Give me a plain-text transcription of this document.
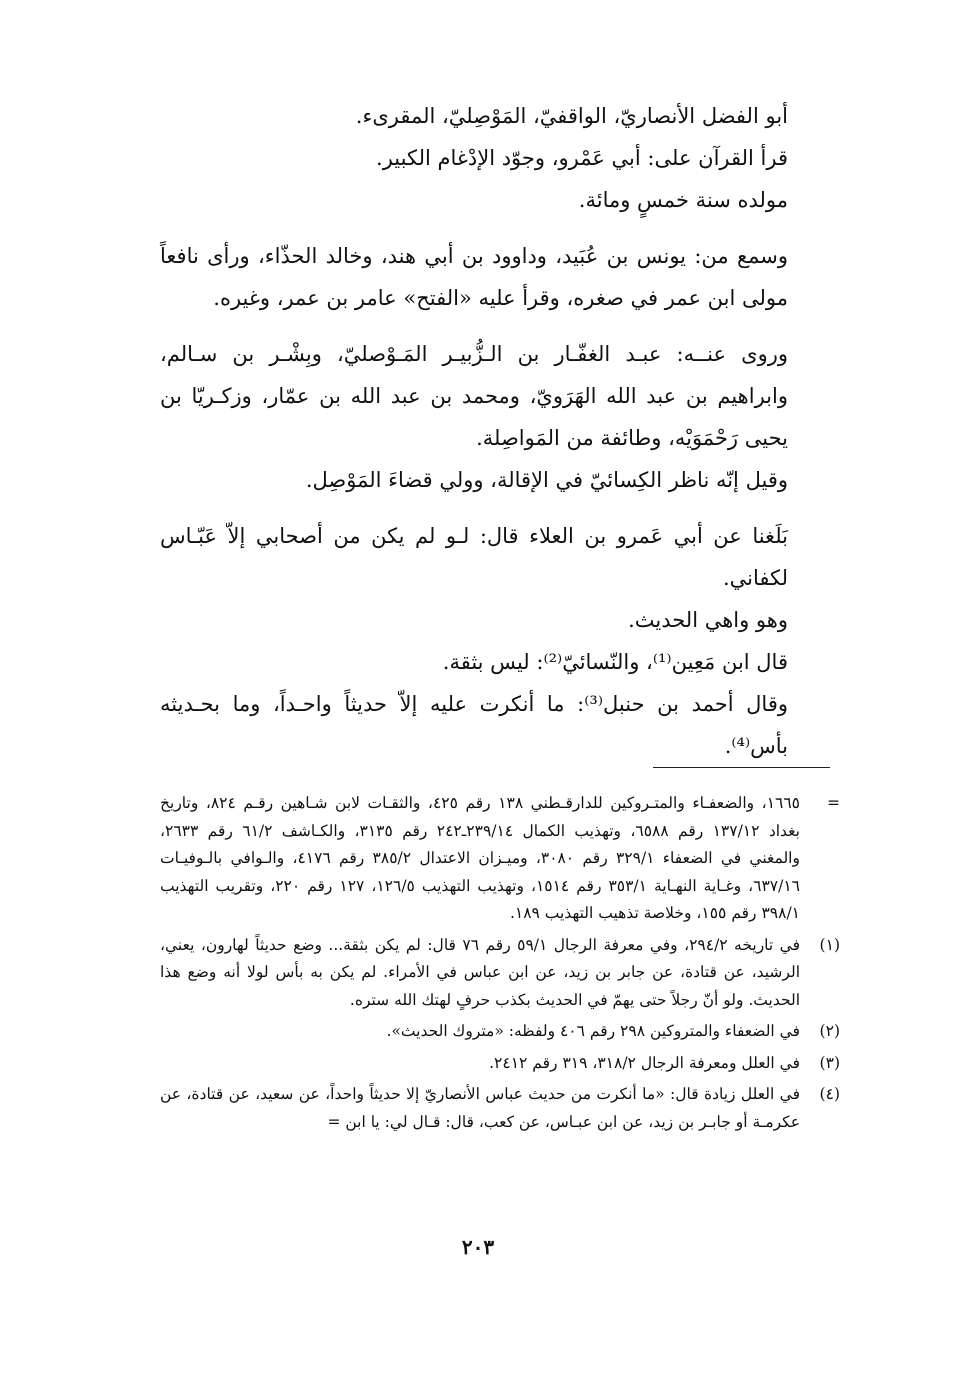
أبو الفضل الأنصاريّ، الواقفيّ، المَوْصِليّ، المقرىء.

قرأ القرآن على: أبي عَمْرو، وجوّد الإدْغام الكبير.

مولده سنة خمسٍ ومائة.

وسمع من: يونس بن عُبَيد، وداوود بن أبي هند، وخالد الحذّاء، ورأى نافعاً مولى ابن عمر في صغره، وقرأ عليه «الفتح» عامر بن عمر، وغيره.

وروى عنــه: عبـد الغفّـار بن الـزُّبيـر المَـوْصليّ، وبِشْـر بن سـالم، وابراهيم بن عبد الله الهَرَويّ، ومحمد بن عبد الله بن عمّار، وزكـريّا بن يحيى رَحْمَوَيْه، وطائفة من المَواصِلة.

وقيل إنّه ناظر الكِسائيّ في الإقالة، وولي قضاءَ المَوْصِل.

بَلَغنا عن أبي عَمرو بن العلاء قال: لـو لم يكن من أصحابي إلاّ عَبّـاس لكفاني.

وهو واهي الحديث.

قال ابن مَعِين⁽¹⁾، والنّسائيّ⁽²⁾: ليس بثقة.

وقال أحمد بن حنبل⁽³⁾: ما أنكرت عليه إلاّ حديثاً واحـداً، وما بحـديثه بأس⁽⁴⁾.

=
١٦٦٥، والضعفـاء والمتـروكين للدارقـطني ١٣٨ رقم ٤٢٥، والثقـات لابن شـاهين رقـم ٨٢٤، وتاريخ بغداد ١٣٧/١٢ رقم ٦٥٨٨، وتهذيب الكمال ٢٣٩/١٤ـ٢٤٢ رقم ٣١٣٥، والكـاشف ٦١/٢ رقم ٢٦٣٣، والمغني في الضعفاء ٣٢٩/١ رقم ٣٠٨٠، وميـزان الاعتدال ٣٨٥/٢ رقم ٤١٧٦، والـوافي بالـوفيـات ٦٣٧/١٦، وغـاية النهـاية ٣٥٣/١ رقم ١٥١٤، وتهذيب التهذيب ١٢٦/٥، ١٢٧ رقم ٢٢٠، وتقريب التهذيب ٣٩٨/١ رقم ١٥٥، وخلاصة تذهيب التهذيب ١٨٩.
(١)
في تاريخه ٢٩٤/٢، وفي معرفة الرجال ٥٩/١ رقم ٧٦ قال: لم يكن بثقة... وضع حديثاً لهارون، يعني، الرشيد، عن قتادة، عن جابر بن زيد، عن ابن عباس في الأمراء. لم يكن به بأس لولا أنه وضع هذا الحديث. ولو أنّ رجلاً حتى يهمّ في الحديث بكذب حرفٍ لهتك الله ستره.
(٢)
في الضعفاء والمتروكين ٢٩٨ رقم ٤٠٦ ولفظه: «متروك الحديث».
(٣)
في العلل ومعرفة الرجال ٣١٨/٢، ٣١٩ رقم ٢٤١٢.
(٤)
في العلل زيادة قال: «ما أنكرت من حديث عباس الأنصاريّ إلا حديثاً واحداً، عن سعيد، عن قتادة، عن عكرمـة أو جابـر بن زيد، عن ابن عبـاس، عن كعب، قال: قـال لي: يا ابن =
٢٠٣
